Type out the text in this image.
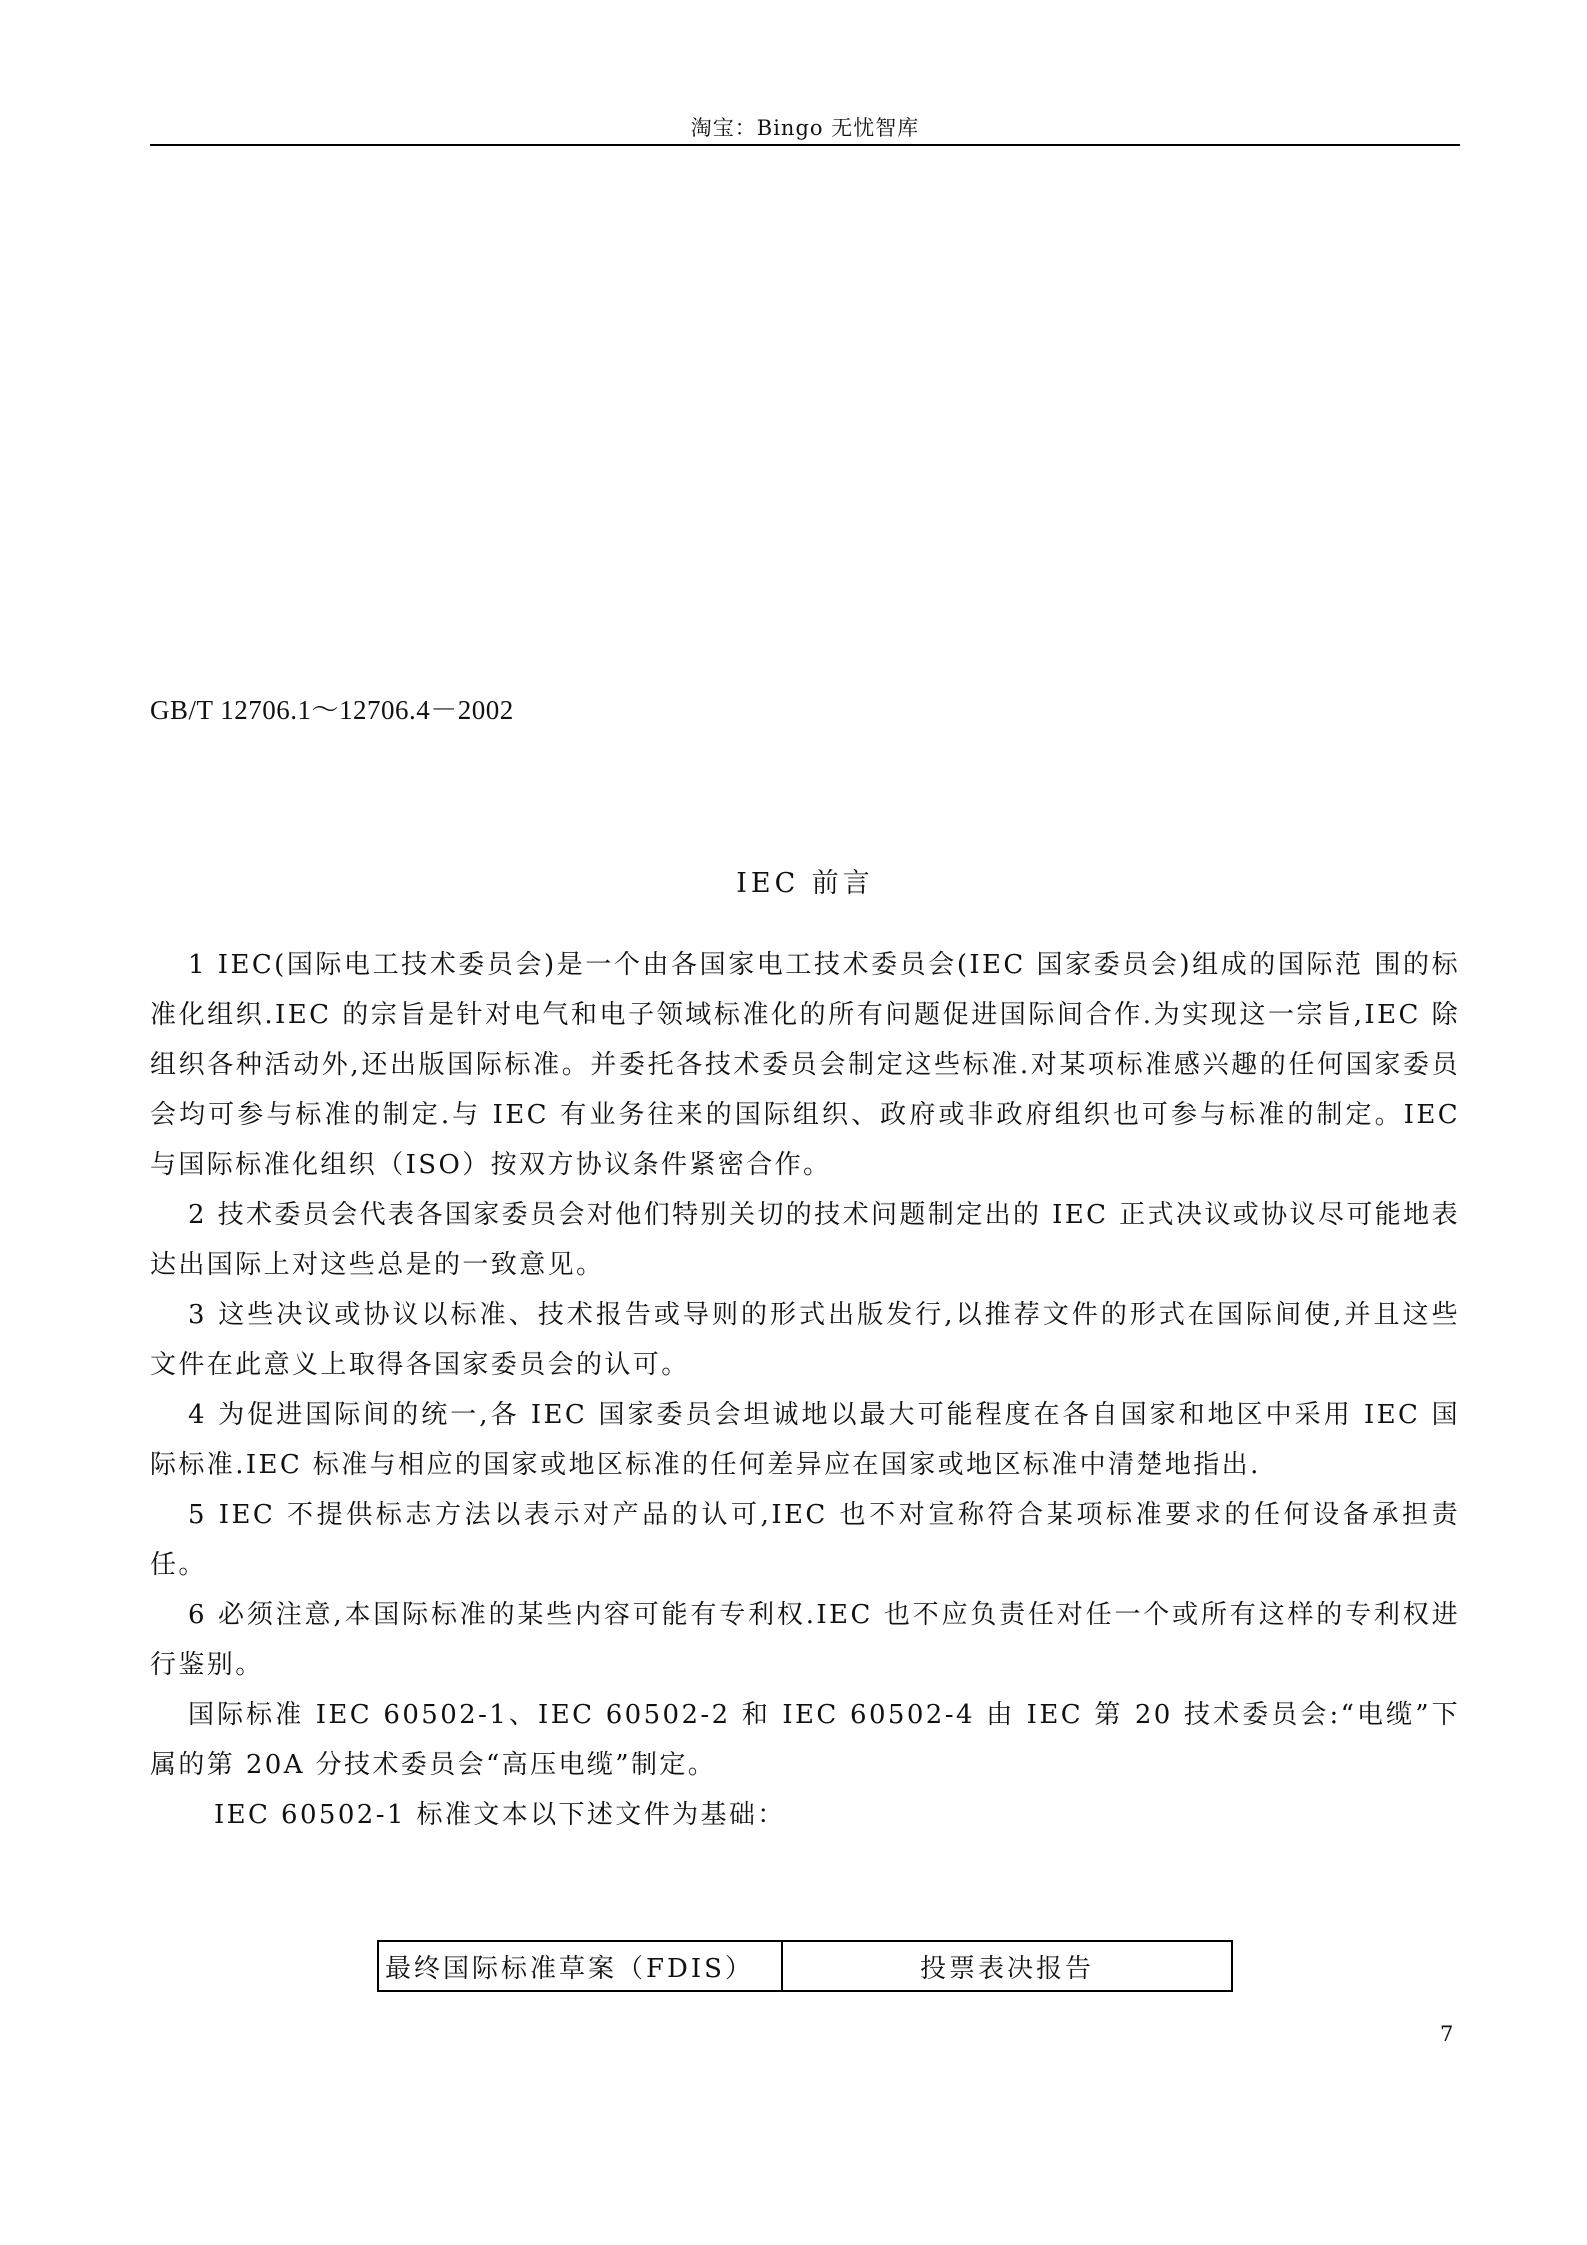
淘宝：Bingo 无忧智库
GB/T 12706.1～12706.4－2002
IEC 前言

1 IEC(国际电工技术委员会)是一个由各国家电工技术委员会(IEC 国家委员会)组成的国际范 围的标准化组织.IEC 的宗旨是针对电气和电子领域标准化的所有问题促进国际间合作.为实现这一宗旨,IEC 除组织各种活动外,还出版国际标准。并委托各技术委员会制定这些标准.对某项标准感兴趣的任何国家委员会均可参与标准的制定.与 IEC 有业务往来的国际组织、政府或非政府组织也可参与标准的制定。IEC 与国际标准化组织（ISO）按双方协议条件紧密合作。

2 技术委员会代表各国家委员会对他们特别关切的技术问题制定出的 IEC 正式决议或协议尽可能地表达出国际上对这些总是的一致意见。

3 这些决议或协议以标准、技术报告或导则的形式出版发行,以推荐文件的形式在国际间使,并且这些文件在此意义上取得各国家委员会的认可。

4 为促进国际间的统一,各 IEC 国家委员会坦诚地以最大可能程度在各自国家和地区中采用 IEC 国际标准.IEC 标准与相应的国家或地区标准的任何差异应在国家或地区标准中清楚地指出.

5 IEC 不提供标志方法以表示对产品的认可,IEC 也不对宣称符合某项标准要求的任何设备承担责任。

6 必须注意,本国际标准的某些内容可能有专利权.IEC 也不应负责任对任一个或所有这样的专利权进行鉴别。

国际标准 IEC 60502-1、IEC 60502-2 和 IEC 60502-4 由 IEC 第 20 技术委员会:“电缆”下属的第 20A 分技术委员会“高压电缆”制定。

IEC 60502-1 标准文本以下述文件为基础：

最终国际标准草案（FDIS）	投票表决报告
7
